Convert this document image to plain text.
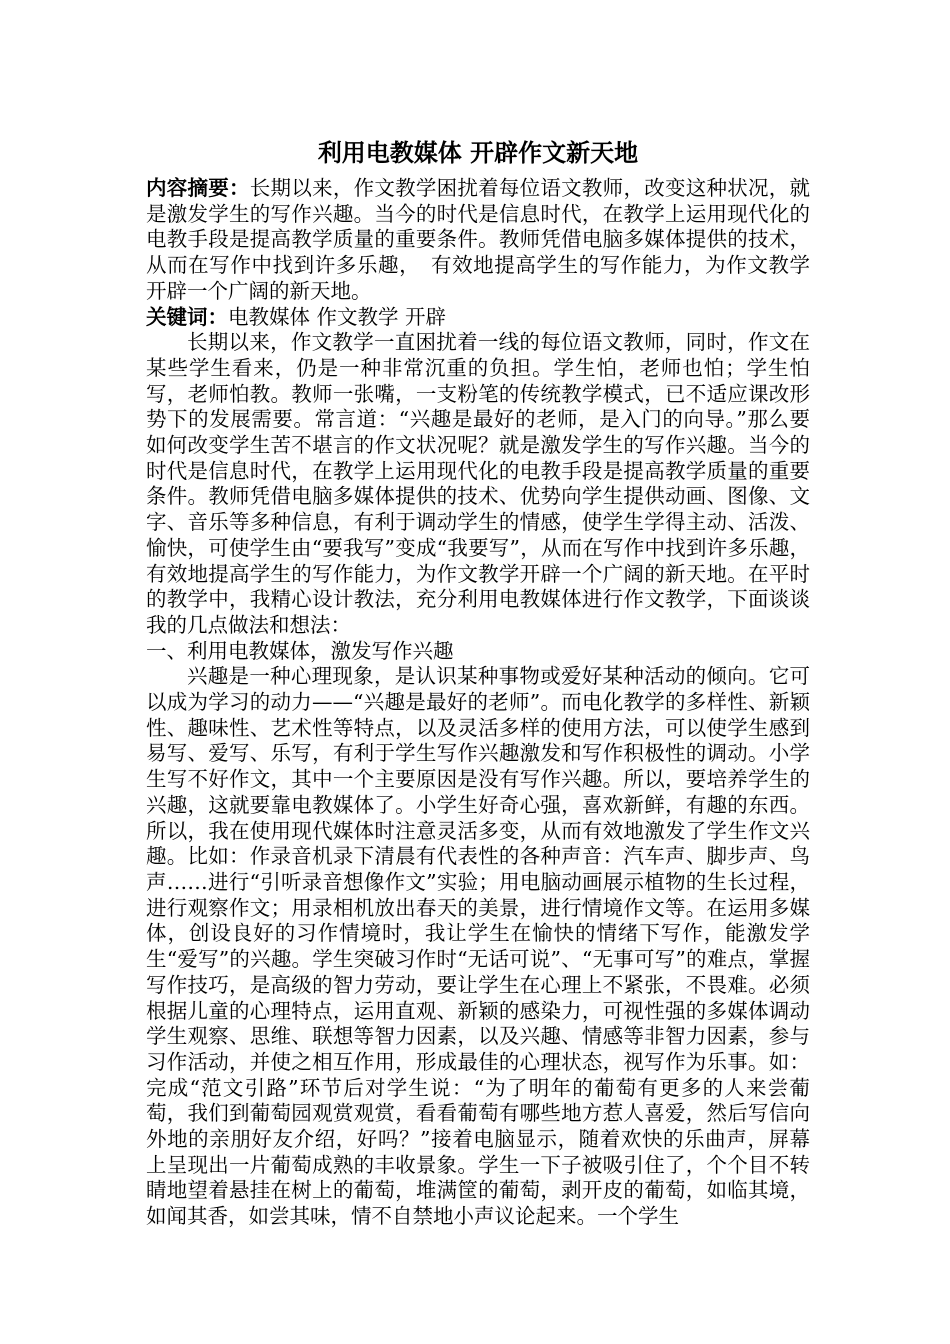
利用电教媒体 开辟作文新天地

内容摘要：长期以来，作文教学困扰着每位语文教师，改变这种状况，就是激发学生的写作兴趣。当今的时代是信息时代，在教学上运用现代化的电教手段是提高教学质量的重要条件。教师凭借电脑多媒体提供的技术，从而在写作中找到许多乐趣，　有效地提高学生的写作能力，为作文教学开辟一个广阔的新天地。

关键词：电教媒体 作文教学 开辟

长期以来，作文教学一直困扰着一线的每位语文教师，同时，作文在某些学生看来，仍是一种非常沉重的负担。学生怕，老师也怕；学生怕写，老师怕教。教师一张嘴，一支粉笔的传统教学模式，已不适应课改形势下的发展需要。常言道：“兴趣是最好的老师，是入门的向导。”那么要如何改变学生苦不堪言的作文状况呢？就是激发学生的写作兴趣。当今的时代是信息时代，在教学上运用现代化的电教手段是提高教学质量的重要条件。教师凭借电脑多媒体提供的技术、优势向学生提供动画、图像、文字、音乐等多种信息，有利于调动学生的情感，使学生学得主动、活泼、愉快，可使学生由“要我写”变成“我要写”，从而在写作中找到许多乐趣， 有效地提高学生的写作能力，为作文教学开辟一个广阔的新天地。在平时的教学中，我精心设计教法，充分利用电教媒体进行作文教学，下面谈谈我的几点做法和想法：

一、利用电教媒体，激发写作兴趣

兴趣是一种心理现象，是认识某种事物或爱好某种活动的倾向。它可以成为学习的动力——“兴趣是最好的老师”。而电化教学的多样性、新颖性、趣味性、艺术性等特点，以及灵活多样的使用方法，可以使学生感到易写、爱写、乐写，有利于学生写作兴趣激发和写作积极性的调动。小学生写不好作文，其中一个主要原因是没有写作兴趣。所以，要培养学生的兴趣，这就要靠电教媒体了。小学生好奇心强，喜欢新鲜，有趣的东西。所以，我在使用现代媒体时注意灵活多变，从而有效地激发了学生作文兴趣。比如：作录音机录下清晨有代表性的各种声音：汽车声、脚步声、鸟声……进行“引听录音想像作文”实验；用电脑动画展示植物的生长过程，进行观察作文；用录相机放出春天的美景，进行情境作文等。在运用多媒体，创设良好的习作情境时，我让学生在愉快的情绪下写作，能激发学生“爱写”的兴趣。学生突破习作时“无话可说”、“无事可写”的难点，掌握写作技巧，是高级的智力劳动，要让学生在心理上不紧张，不畏难。必须根据儿童的心理特点，运用直观、新颖的感染力，可视性强的多媒体调动学生观察、思维、联想等智力因素，以及兴趣、情感等非智力因素，参与习作活动，并使之相互作用，形成最佳的心理状态，视写作为乐事。如：完成“范文引路”环节后对学生说：“为了明年的葡萄有更多的人来尝葡萄，我们到葡萄园观赏观赏，看看葡萄有哪些地方惹人喜爱，然后写信向外地的亲朋好友介绍，好吗？”接着电脑显示，随着欢快的乐曲声，屏幕上呈现出一片葡萄成熟的丰收景象。学生一下子被吸引住了，个个目不转睛地望着悬挂在树上的葡萄，堆满筐的葡萄，剥开皮的葡萄，如临其境，如闻其香，如尝其味，情不自禁地小声议论起来。一个学生
